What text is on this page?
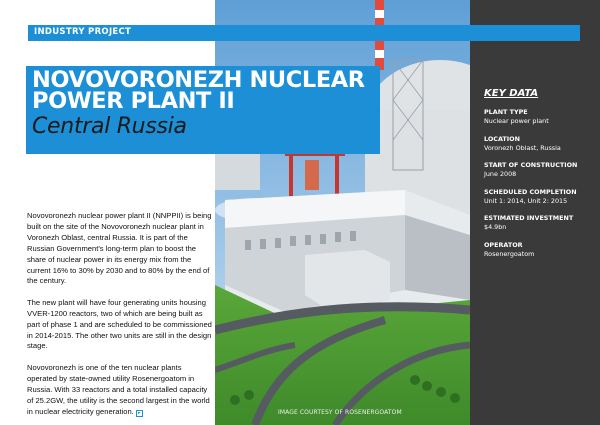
INDUSTRY PROJECT
NOVOVORONEZH NUCLEAR POWER PLANT II
Central Russia

Novovoronezh nuclear power plant II (NNPPII) is being built on the site of the Novovoronezh nuclear plant in Voronezh Oblast, central Russia. It is part of the Russian Government's long-term plan to boost the share of nuclear power in its energy mix from the current 16% to 30% by 2030 and to 80% by the end of the century.

The new plant will have four generating units housing VVER-1200 reactors, two of which are being built as part of phase 1 and are scheduled to be commissioned in 2014-2015. The other two units are still in the design stage.

Novovoronezh is one of the ten nuclear plants operated by state-owned utility Rosenergoatom in Russia. With 33 reactors and a total installed capacity of 25.2GW, the utility is the second largest in the world in nuclear electricity generation. ▸

KEY DATA
PLANT TYPE
Nuclear power plant
LOCATION
Voronezh Oblast, Russia
START OF CONSTRUCTION
June 2008
SCHEDULED COMPLETION
Unit 1: 2014, Unit 2: 2015
ESTIMATED INVESTMENT
$4.9bn
OPERATOR
Rosenergoatom
IMAGE COURTESY OF ROSENERGOATOM
